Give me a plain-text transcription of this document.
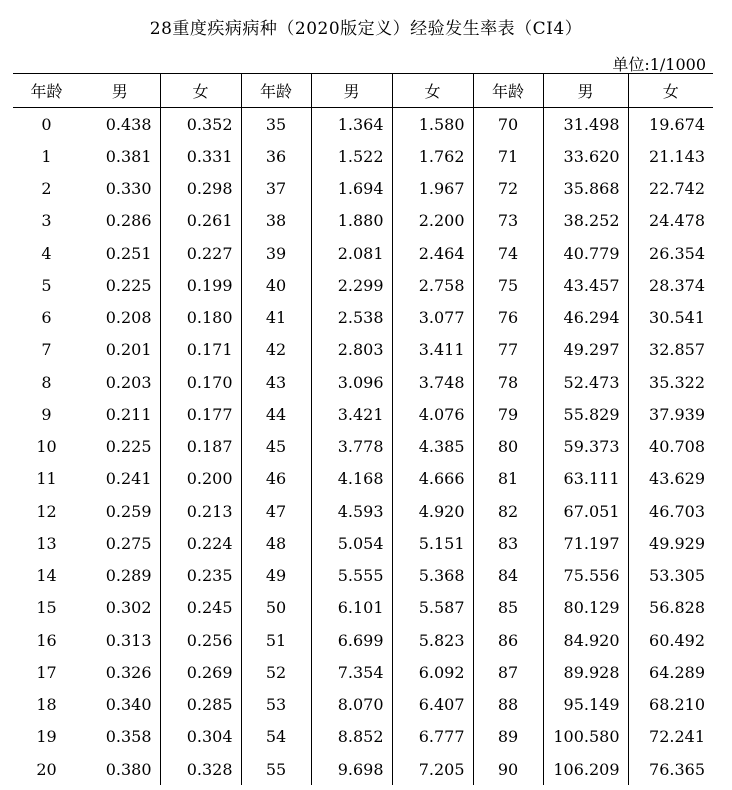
28重度疾病病种（2020版定义）经验发生率表（CI4）
单位:1/1000
年龄	男	女	年龄	男	女	年龄	男	女
0	0.438	0.352	35	1.364	1.580	70	31.498	19.674
1	0.381	0.331	36	1.522	1.762	71	33.620	21.143
2	0.330	0.298	37	1.694	1.967	72	35.868	22.742
3	0.286	0.261	38	1.880	2.200	73	38.252	24.478
4	0.251	0.227	39	2.081	2.464	74	40.779	26.354
5	0.225	0.199	40	2.299	2.758	75	43.457	28.374
6	0.208	0.180	41	2.538	3.077	76	46.294	30.541
7	0.201	0.171	42	2.803	3.411	77	49.297	32.857
8	0.203	0.170	43	3.096	3.748	78	52.473	35.322
9	0.211	0.177	44	3.421	4.076	79	55.829	37.939
10	0.225	0.187	45	3.778	4.385	80	59.373	40.708
11	0.241	0.200	46	4.168	4.666	81	63.111	43.629
12	0.259	0.213	47	4.593	4.920	82	67.051	46.703
13	0.275	0.224	48	5.054	5.151	83	71.197	49.929
14	0.289	0.235	49	5.555	5.368	84	75.556	53.305
15	0.302	0.245	50	6.101	5.587	85	80.129	56.828
16	0.313	0.256	51	6.699	5.823	86	84.920	60.492
17	0.326	0.269	52	7.354	6.092	87	89.928	64.289
18	0.340	0.285	53	8.070	6.407	88	95.149	68.210
19	0.358	0.304	54	8.852	6.777	89	100.580	72.241
20	0.380	0.328	55	9.698	7.205	90	106.209	76.365
